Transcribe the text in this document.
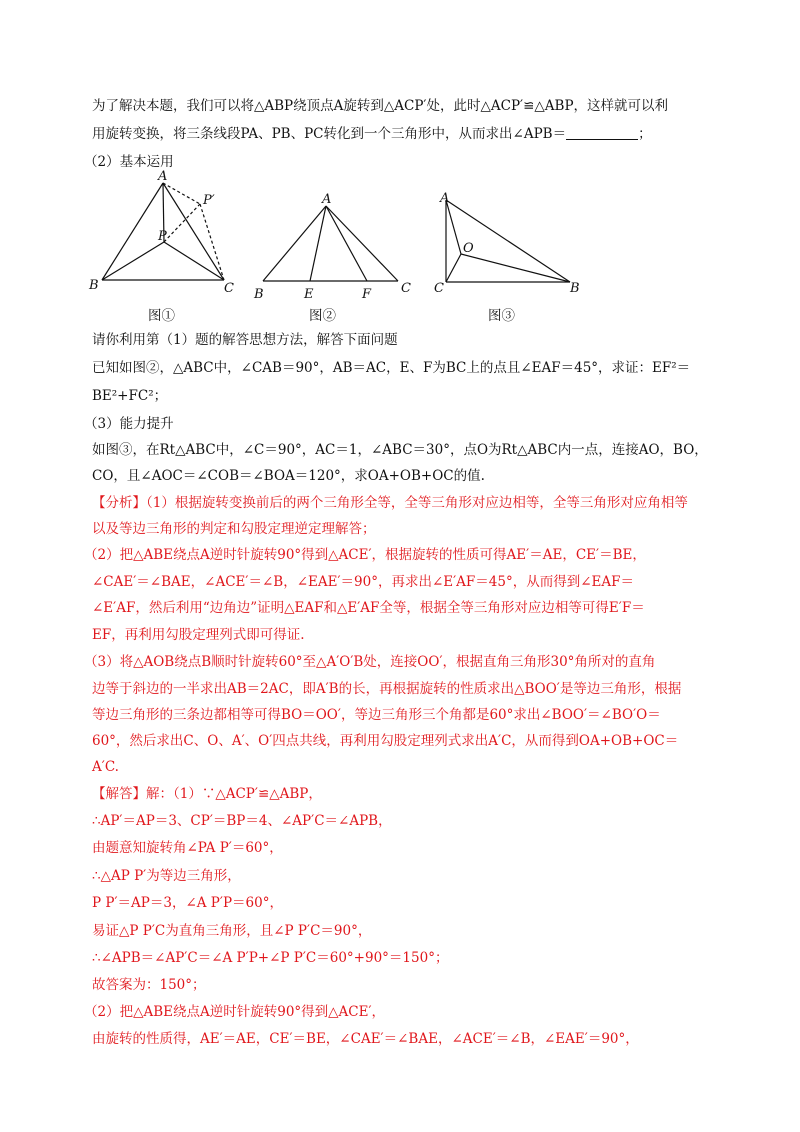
为了解决本题，我们可以将△ABP绕顶点A旋转到△ACP′处，此时△ACP′≌△ABP，这样就可以利
用旋转变换，将三条线段PA、PB、PC转化到一个三角形中，从而求出∠APB＝	；
（2）基本运用
A
P
P′
B	C
图①
A
B	E	F C
图②
A
O
C	B
图③
请你利用第（1）题的解答思想方法，解答下面问题
已知如图②，△ABC中，∠CAB＝90°，AB＝AC，E、F为BC上的点且∠EAF＝45°，求证：EF²＝
BE²+FC²；
（3）能力提升
如图③，在Rt△ABC中，∠C＝90°，AC＝1，∠ABC＝30°，点O为Rt△ABC内一点，连接AO，BO，
CO，且∠AOC＝∠COB＝∠BOA＝120°，求OA+OB+OC的值.
【分析】（1）根据旋转变换前后的两个三角形全等，全等三角形对应边相等，全等三角形对应角相等
以及等边三角形的判定和勾股定理逆定理解答；
（2）把△ABE绕点A逆时针旋转90°得到△ACE′，根据旋转的性质可得AE′＝AE，CE′＝BE，
∠CAE′＝∠BAE，∠ACE′＝∠B，∠EAE′＝90°，再求出∠E′AF＝45°，从而得到∠EAF＝
∠E′AF，然后利用“边角边”证明△EAF和△E′AF全等，根据全等三角形对应边相等可得E′F＝
EF，再利用勾股定理列式即可得证.
（3）将△AOB绕点B顺时针旋转60°至△A′O′B处，连接OO′，根据直角三角形30°角所对的直角
边等于斜边的一半求出AB＝2AC，即A′B的长，再根据旋转的性质求出△BOO′是等边三角形，根据
等边三角形的三条边都相等可得BO＝OO′，等边三角形三个角都是60°求出∠BOO′＝∠BO′O＝
60°，然后求出C、O、A′、O′四点共线，再利用勾股定理列式求出A′C，从而得到OA+OB+OC＝
A′C.
【解答】解：（1）∵△ACP′≌△ABP，
∴AP′＝AP＝3、CP′＝BP＝4、∠AP′C＝∠APB，
由题意知旋转角∠PA P′＝60°，
∴△AP P′为等边三角形，
P P′＝AP＝3，∠A P′P＝60°，
易证△P P′C为直角三角形，且∠P P′C＝90°，
∴∠APB＝∠AP′C＝∠A P′P+∠P P′C＝60°+90°＝150°；
故答案为：150°；
（2）把△ABE绕点A逆时针旋转90°得到△ACE′，
由旋转的性质得，AE′＝AE，CE′＝BE，∠CAE′＝∠BAE，∠ACE′＝∠B，∠EAE′＝90°，
